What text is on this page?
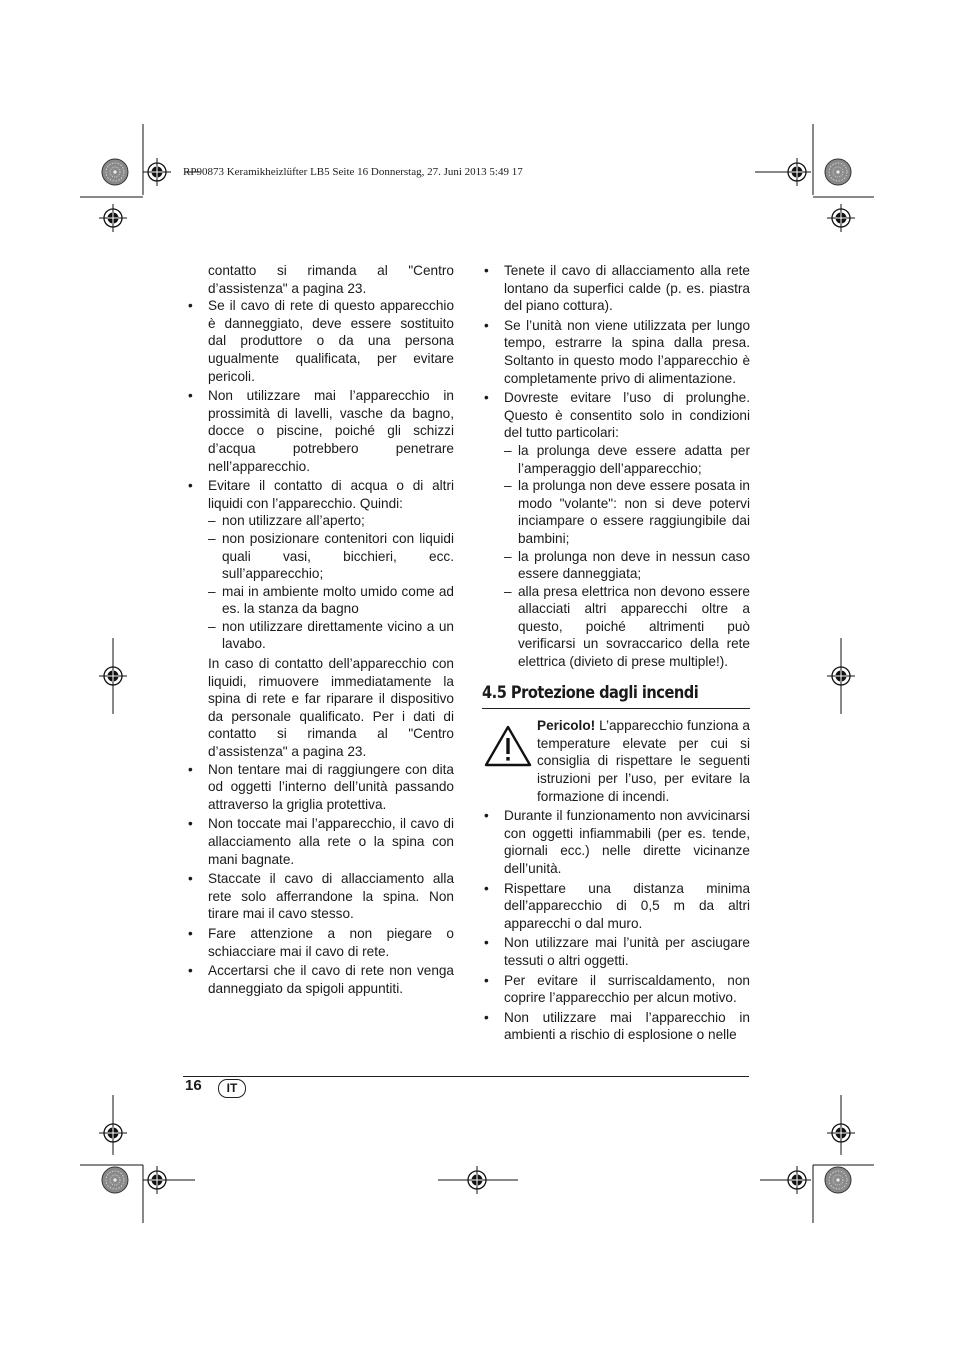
RP90873 Keramikheizlüfter LB5 Seite 16 Donnerstag, 27. Juni 2013 5:49 17

contatto si rimanda al "Centro d’assistenza" a pagina 23.

• Se il cavo di rete di questo apparecchio è danneggiato, deve essere sostituito dal produttore o da una persona ugualmente qualificata, per evitare pericoli.
• Non utilizzare mai l’apparecchio in prossimità di lavelli, vasche da bagno, docce o piscine, poiché gli schizzi d’acqua potrebbero penetrare nell’apparecchio.
• Evitare il contatto di acqua o di altri liquidi con l’apparecchio. Quindi:
– non utilizzare all’aperto;
– non posizionare contenitori con liquidi quali vasi, bicchieri, ecc. sull’apparecchio;
– mai in ambiente molto umido come ad es. la stanza da bagno
– non utilizzare direttamente vicino a un lavabo.

In caso di contatto dell’apparecchio con liquidi, rimuovere immediatamente la spina di rete e far riparare il dispositivo da personale qualificato. Per i dati di contatto si rimanda al "Centro d’assistenza" a pagina 23.

• Non tentare mai di raggiungere con dita od oggetti l’interno dell’unità passando attraverso la griglia protettiva.
• Non toccate mai l’apparecchio, il cavo di allacciamento alla rete o la spina con mani bagnate.
• Staccate il cavo di allacciamento alla rete solo afferrandone la spina. Non tirare mai il cavo stesso.
• Fare attenzione a non piegare o schiacciare mai il cavo di rete.
• Accertarsi che il cavo di rete non venga danneggiato da spigoli appuntiti.
• Tenete il cavo di allacciamento alla rete lontano da superfici calde (p. es. piastra del piano cottura).
• Se l’unità non viene utilizzata per lungo tempo, estrarre la spina dalla presa. Soltanto in questo modo l’apparecchio è completamente privo di alimentazione.
• Dovreste evitare l’uso di prolunghe. Questo è consentito solo in condizioni del tutto particolari:
– la prolunga deve essere adatta per l’amperaggio dell’apparecchio;
– la prolunga non deve essere posata in modo "volante": non si deve potervi inciampare o essere raggiungibile dai bambini;
– la prolunga non deve in nessun caso essere danneggiata;
– alla presa elettrica non devono essere allacciati altri apparecchi oltre a questo, poiché altrimenti può verificarsi un sovraccarico della rete elettrica (divieto di prese multiple!).
4.5 Protezione dagli incendi
Pericolo! L’apparecchio funziona a temperature elevate per cui si consiglia di rispettare le seguenti istruzioni per l’uso, per evitare la formazione di incendi.
• Durante il funzionamento non avvicinarsi con oggetti infiammabili (per es. tende, giornali ecc.) nelle dirette vicinanze dell’unità.
• Rispettare una distanza minima dell’apparecchio di 0,5 m da altri apparecchi o dal muro.
• Non utilizzare mai l’unità per asciugare tessuti o altri oggetti.
• Per evitare il surriscaldamento, non coprire l’apparecchio per alcun motivo.
• Non utilizzare mai l’apparecchio in ambienti a rischio di esplosione o nelle
16	IT
